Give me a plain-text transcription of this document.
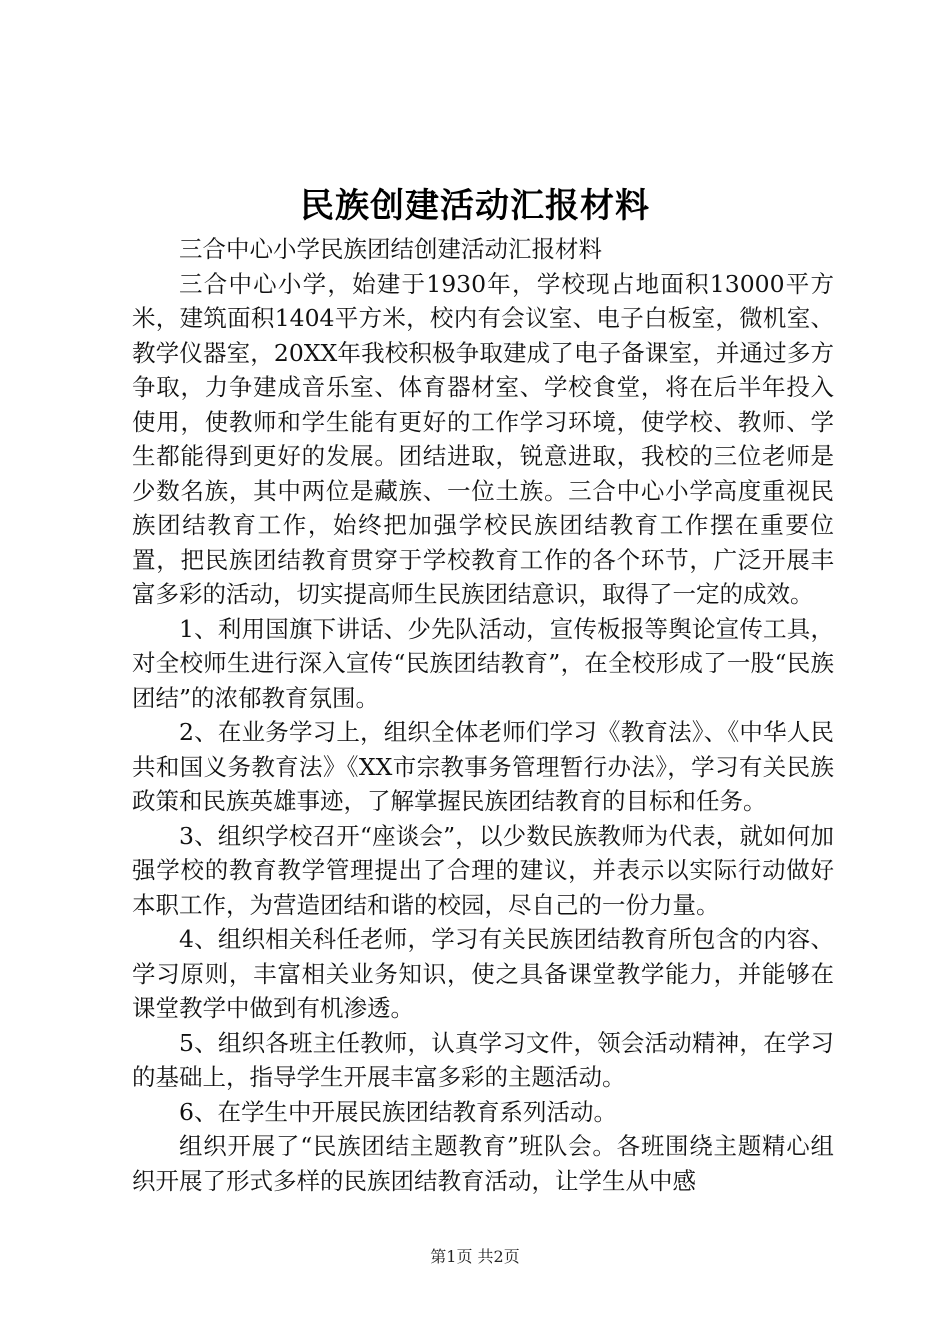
民族创建活动汇报材料

三合中心小学民族团结创建活动汇报材料

三合中心小学，始建于1930年，学校现占地面积13000平方米，建筑面积1404平方米，校内有会议室、电子白板室，微机室、教学仪器室，20XX年我校积极争取建成了电子备课室，并通过多方争取，力争建成音乐室、体育器材室、学校食堂，将在后半年投入使用，使教师和学生能有更好的工作学习环境，使学校、教师、学生都能得到更好的发展。团结进取，锐意进取，我校的三位老师是少数名族，其中两位是藏族、一位土族。三合中心小学高度重视民族团结教育工作，始终把加强学校民族团结教育工作摆在重要位置，把民族团结教育贯穿于学校教育工作的各个环节，广泛开展丰富多彩的活动，切实提高师生民族团结意识，取得了一定的成效。

1、利用国旗下讲话、少先队活动，宣传板报等舆论宣传工具，对全校师生进行深入宣传“民族团结教育”，在全校形成了一股“民族团结”的浓郁教育氛围。

2、在业务学习上，组织全体老师们学习《教育法》、《中华人民共和国义务教育法》《XX市宗教事务管理暂行办法》，学习有关民族政策和民族英雄事迹，了解掌握民族团结教育的目标和任务。

3、组织学校召开“座谈会”，以少数民族教师为代表，就如何加强学校的教育教学管理提出了合理的建议，并表示以实际行动做好本职工作，为营造团结和谐的校园，尽自己的一份力量。

4、组织相关科任老师，学习有关民族团结教育所包含的内容、学习原则，丰富相关业务知识，使之具备课堂教学能力，并能够在课堂教学中做到有机渗透。

5、组织各班主任教师，认真学习文件，领会活动精神，在学习的基础上，指导学生开展丰富多彩的主题活动。

6、在学生中开展民族团结教育系列活动。

组织开展了“民族团结主题教育”班队会。各班围绕主题精心组织开展了形式多样的民族团结教育活动，让学生从中感

第1页 共2页
